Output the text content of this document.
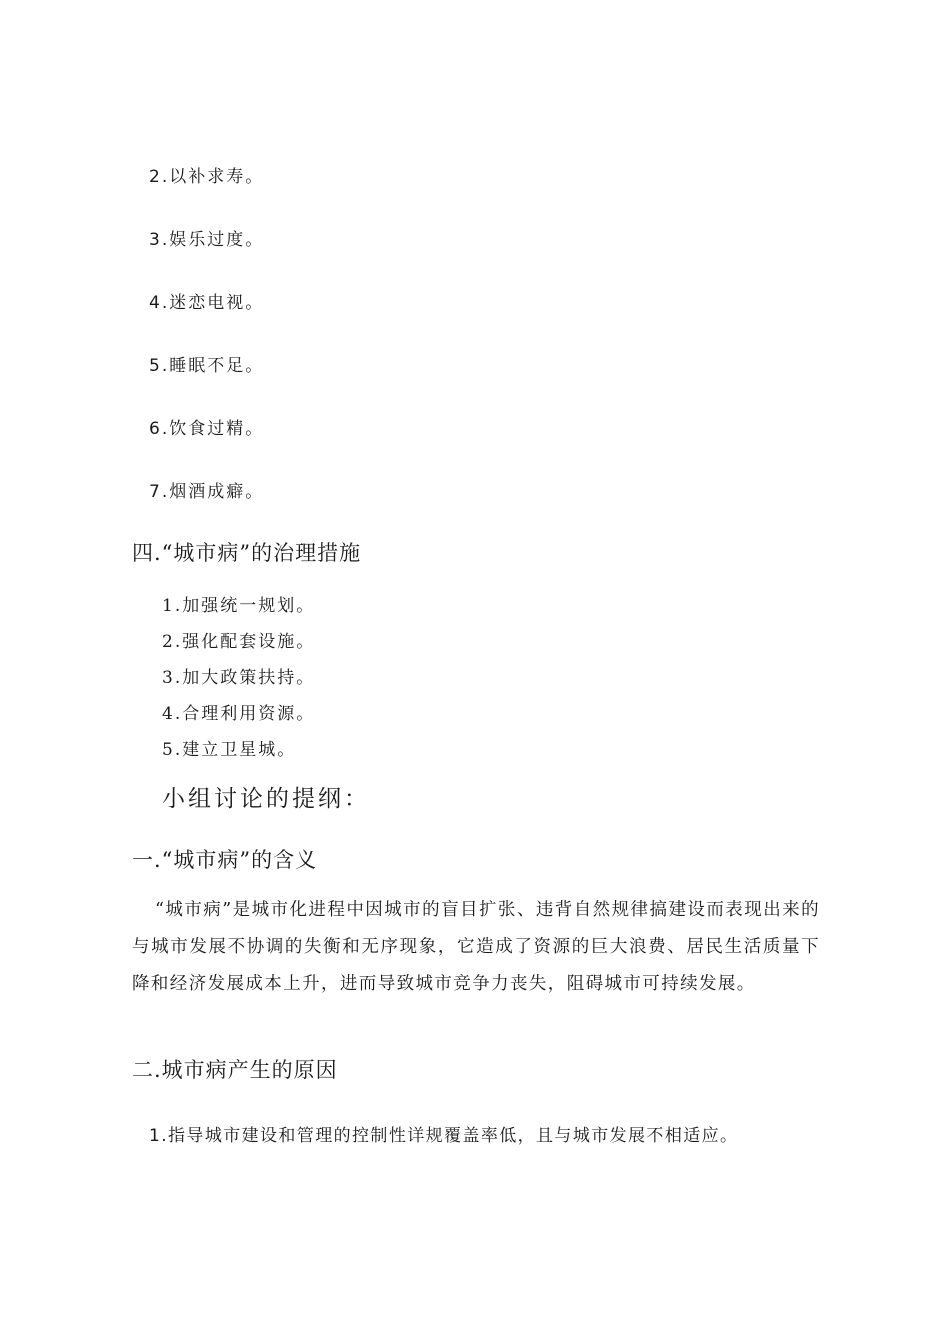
2.以补求寿。
3.娱乐过度。
4.迷恋电视。
5.睡眠不足。
6.饮食过精。
7.烟酒成癖。
四.“城市病”的治理措施
1.加强统一规划。
2.强化配套设施。
3.加大政策扶持。
4.合理利用资源。
5.建立卫星城。
小组讨论的提纲：
一.“城市病”的含义
“城市病”是城市化进程中因城市的盲目扩张、违背自然规律搞建设而表现出来的与城市发展不协调的失衡和无序现象，它造成了资源的巨大浪费、居民生活质量下降和经济发展成本上升，进而导致城市竞争力丧失，阻碍城市可持续发展。
二.城市病产生的原因
1.指导城市建设和管理的控制性详规覆盖率低，且与城市发展不相适应。
